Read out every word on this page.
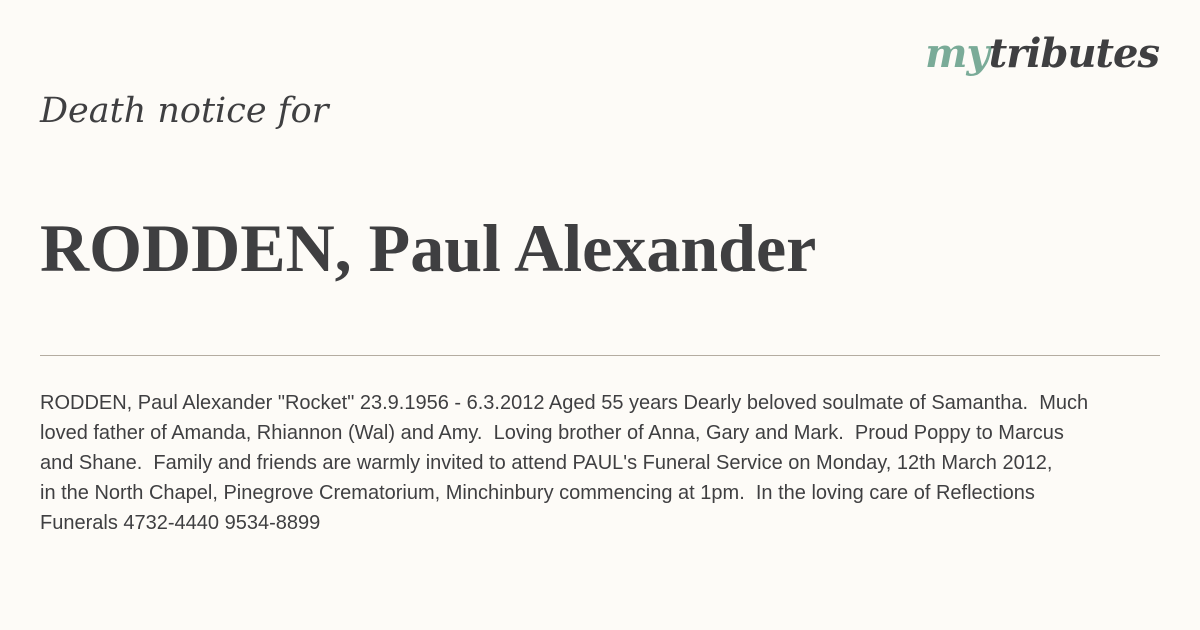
mytributes
Death notice for
RODDEN, Paul Alexander
RODDEN, Paul Alexander "Rocket" 23.9.1956 - 6.3.2012 Aged 55 years Dearly beloved soulmate of Samantha.  Much
loved father of Amanda, Rhiannon (Wal) and Amy.  Loving brother of Anna, Gary and Mark.  Proud Poppy to Marcus
and Shane.  Family and friends are warmly invited to attend PAUL's Funeral Service on Monday, 12th March 2012,
in the North Chapel, Pinegrove Crematorium, Minchinbury commencing at 1pm.  In the loving care of Reflections
Funerals 4732-4440 9534-8899
